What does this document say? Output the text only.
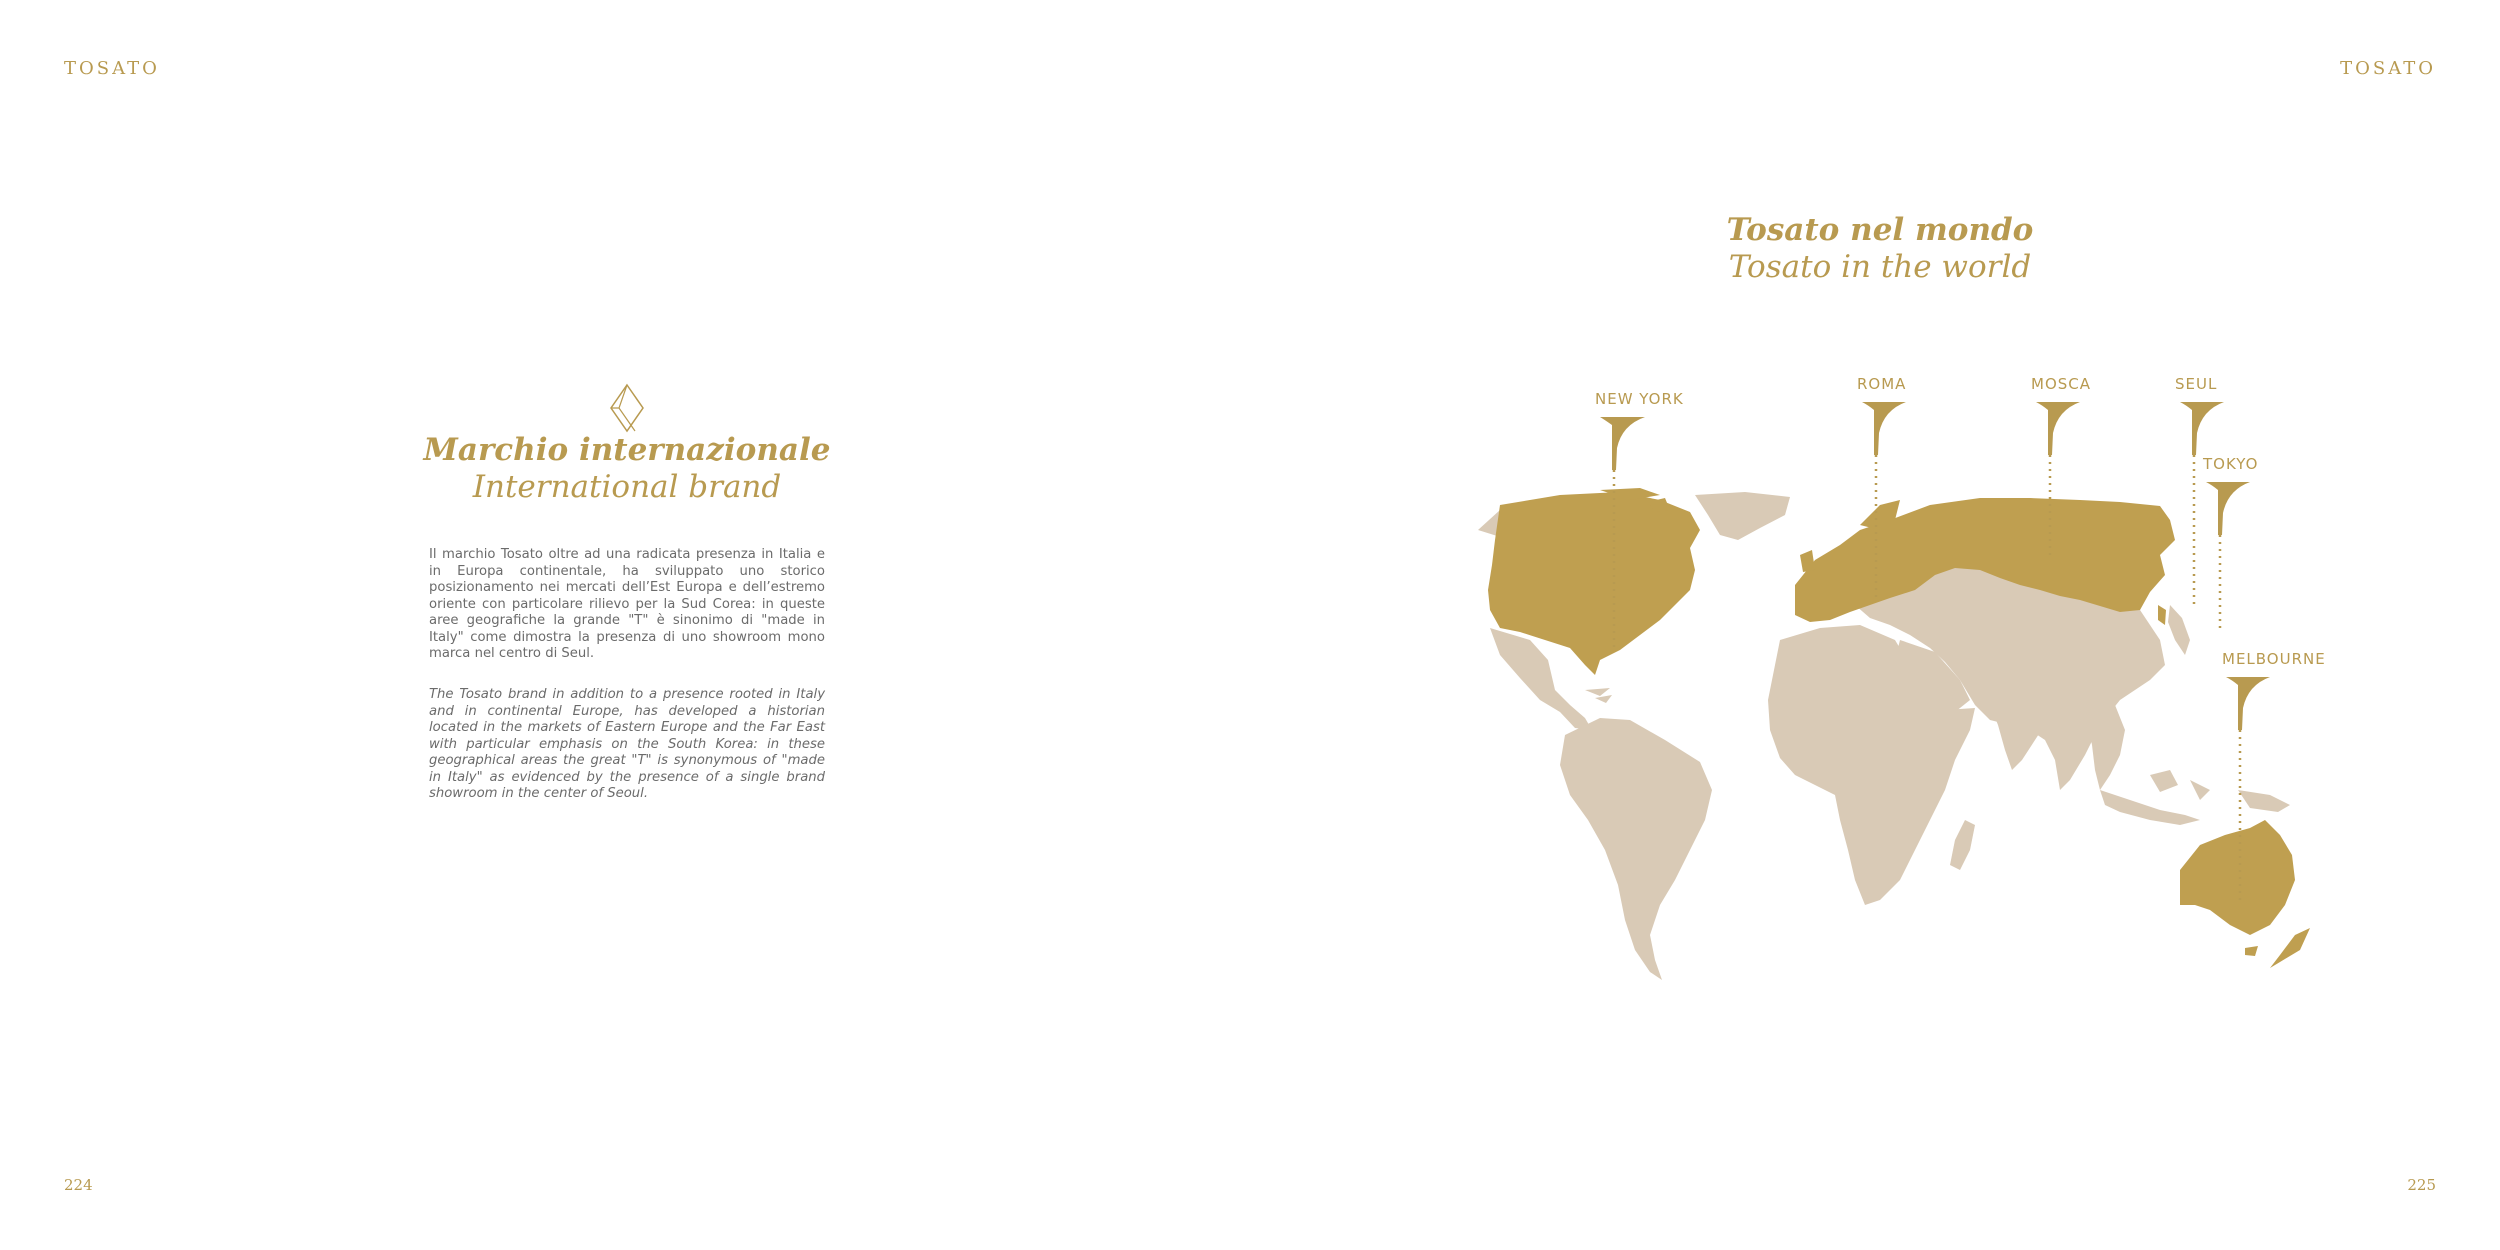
TOSATO	TOSATO
Marchio internazionale
International brand
Il marchio Tosato oltre ad una radicata presenza in Italia e in Europa continentale, ha sviluppato uno storico posizionamento nei mercati dell’Est Europa e dell’estremo oriente con particolare rilievo per la Sud Corea: in queste aree geografiche la grande "T" è sinonimo di "made in Italy" come dimostra la presenza di uno showroom mono marca nel centro di Seul.
The Tosato brand in addition to a presence rooted in Italy and in continental Europe, has developed a historian located in the markets of Eastern Europe and the Far East with particular emphasis on the South Korea: in these geographical areas the great "T" is synonymous of "made in Italy" as evidenced by the presence of a single brand showroom in the center of Seoul.
224
Tosato nel mondo
Tosato in the world
NEW YORK
ROMA	MOSCA	SEUL
TOKYO
MELBOURNE
225
